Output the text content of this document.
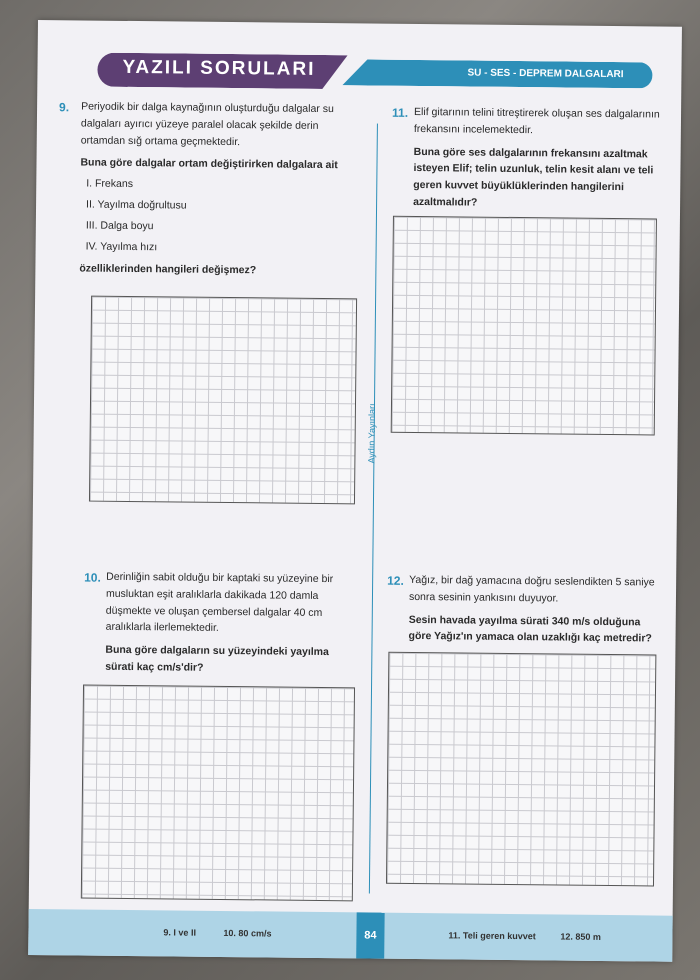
YAZILI SORULARI	SU - SES - DEPREM DALGALARI
9. Periyodik bir dalga kaynağının oluşturduğu dalgalar su dalgaları ayırıcı yüzeye paralel olacak şekilde derin ortamdan sığ ortama geçmektedir.
Buna göre dalgalar ortam değiştirirken dalgalara ait
I. Frekans
II. Yayılma doğrultusu
III. Dalga boyu
IV. Yayılma hızı
özelliklerinden hangileri değişmez?
10. Derinliğin sabit olduğu bir kaptaki su yüzeyine bir musluktan eşit aralıklarla dakikada 120 damla düşmekte ve oluşan çembersel dalgalar 40 cm aralıklarla ilerlemektedir.
Buna göre dalgaların su yüzeyindeki yayılma sürati kaç cm/s'dir?
Aydın Yayınları
11. Elif gitarının telini titreştirerek oluşan ses dalgalarının frekansını incelemektedir.
Buna göre ses dalgalarının frekansını azaltmak isteyen Elif; telin uzunluk, telin kesit alanı ve teli geren kuvvet büyüklüklerinden hangilerini azaltmalıdır?
12. Yağız, bir dağ yamacına doğru seslendikten 5 saniye sonra sesinin yankısını duyuyor.
Sesin havada yayılma sürati 340 m/s olduğuna göre Yağız'ın yamaca olan uzaklığı kaç metredir?
9. I ve II	10. 80 cm/s	84	11. Teli geren kuvvet	12. 850 m
